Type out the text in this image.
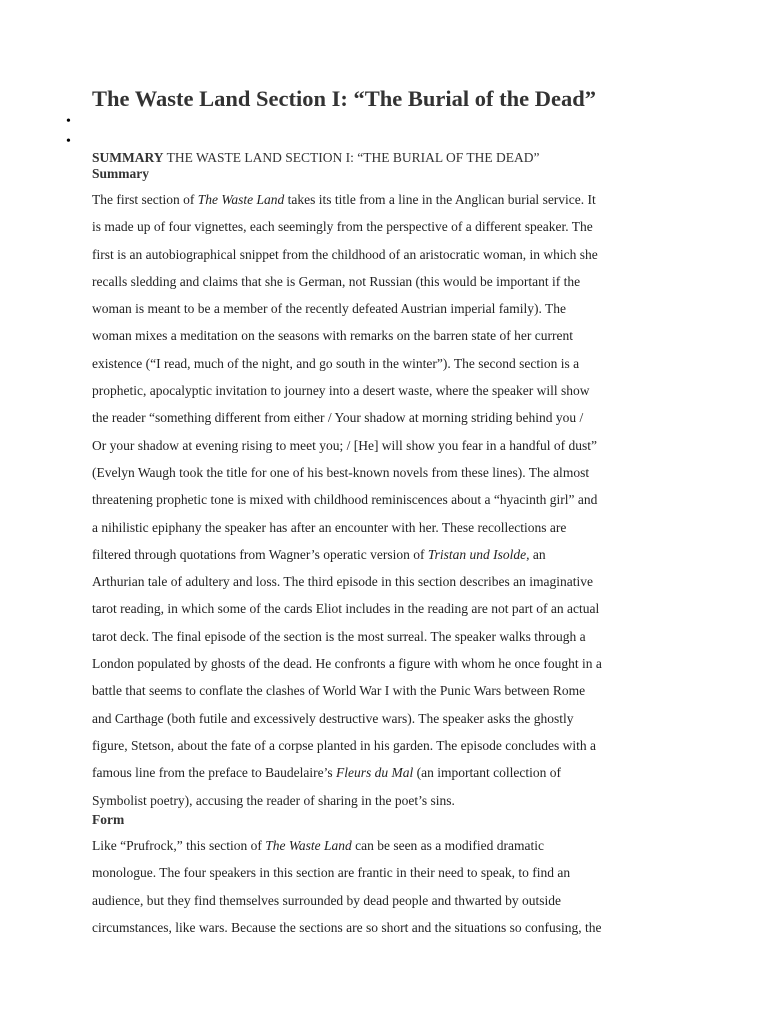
The Waste Land Section I: “The Burial of the Dead”
•
•

SUMMARY THE WASTE LAND SECTION I: “THE BURIAL OF THE DEAD”

Summary

The first section of The Waste Land takes its title from a line in the Anglican burial service. It
is made up of four vignettes, each seemingly from the perspective of a different speaker. The
first is an autobiographical snippet from the childhood of an aristocratic woman, in which she
recalls sledding and claims that she is German, not Russian (this would be important if the
woman is meant to be a member of the recently defeated Austrian imperial family). The
woman mixes a meditation on the seasons with remarks on the barren state of her current
existence (“I read, much of the night, and go south in the winter”). The second section is a
prophetic, apocalyptic invitation to journey into a desert waste, where the speaker will show
the reader “something different from either / Your shadow at morning striding behind you /
Or your shadow at evening rising to meet you; / [He] will show you fear in a handful of dust”
(Evelyn Waugh took the title for one of his best-known novels from these lines). The almost
threatening prophetic tone is mixed with childhood reminiscences about a “hyacinth girl” and
a nihilistic epiphany the speaker has after an encounter with her. These recollections are
filtered through quotations from Wagner’s operatic version of Tristan und Isolde, an
Arthurian tale of adultery and loss. The third episode in this section describes an imaginative
tarot reading, in which some of the cards Eliot includes in the reading are not part of an actual
tarot deck. The final episode of the section is the most surreal. The speaker walks through a
London populated by ghosts of the dead. He confronts a figure with whom he once fought in a
battle that seems to conflate the clashes of World War I with the Punic Wars between Rome
and Carthage (both futile and excessively destructive wars). The speaker asks the ghostly
figure, Stetson, about the fate of a corpse planted in his garden. The episode concludes with a
famous line from the preface to Baudelaire’s Fleurs du Mal (an important collection of
Symbolist poetry), accusing the reader of sharing in the poet’s sins.

Form

Like “Prufrock,” this section of The Waste Land can be seen as a modified dramatic
monologue. The four speakers in this section are frantic in their need to speak, to find an
audience, but they find themselves surrounded by dead people and thwarted by outside
circumstances, like wars. Because the sections are so short and the situations so confusing, the
